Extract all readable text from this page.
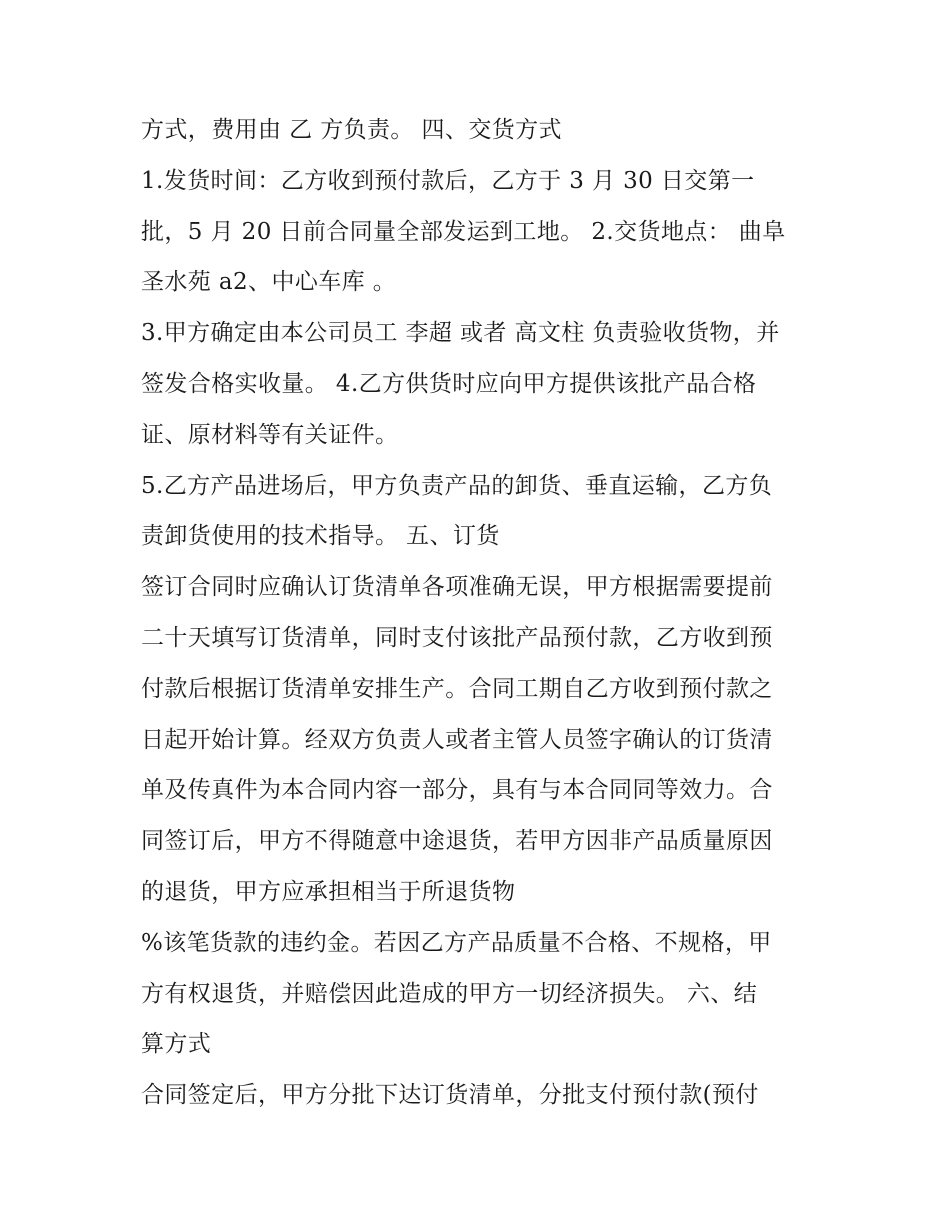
方式，费用由 乙 方负责。 四、交货方式
1.发货时间：乙方收到预付款后，乙方于 3 月 30 日交第一
批，5 月 20 日前合同量全部发运到工地。 2.交货地点： 曲阜
圣水苑 a2、中心车库 。
3.甲方确定由本公司员工 李超 或者 高文柱 负责验收货物，并
签发合格实收量。 4.乙方供货时应向甲方提供该批产品合格
证、原材料等有关证件。
5.乙方产品进场后，甲方负责产品的卸货、垂直运输，乙方负
责卸货使用的技术指导。 五、订货
签订合同时应确认订货清单各项准确无误，甲方根据需要提前
二十天填写订货清单，同时支付该批产品预付款，乙方收到预
付款后根据订货清单安排生产。合同工期自乙方收到预付款之
日起开始计算。经双方负责人或者主管人员签字确认的订货清
单及传真件为本合同内容一部分，具有与本合同同等效力。合
同签订后，甲方不得随意中途退货，若甲方因非产品质量原因
的退货，甲方应承担相当于所退货物
%该笔货款的违约金。若因乙方产品质量不合格、不规格，甲
方有权退货，并赔偿因此造成的甲方一切经济损失。 六、结
算方式
合同签定后，甲方分批下达订货清单，分批支付预付款(预付
